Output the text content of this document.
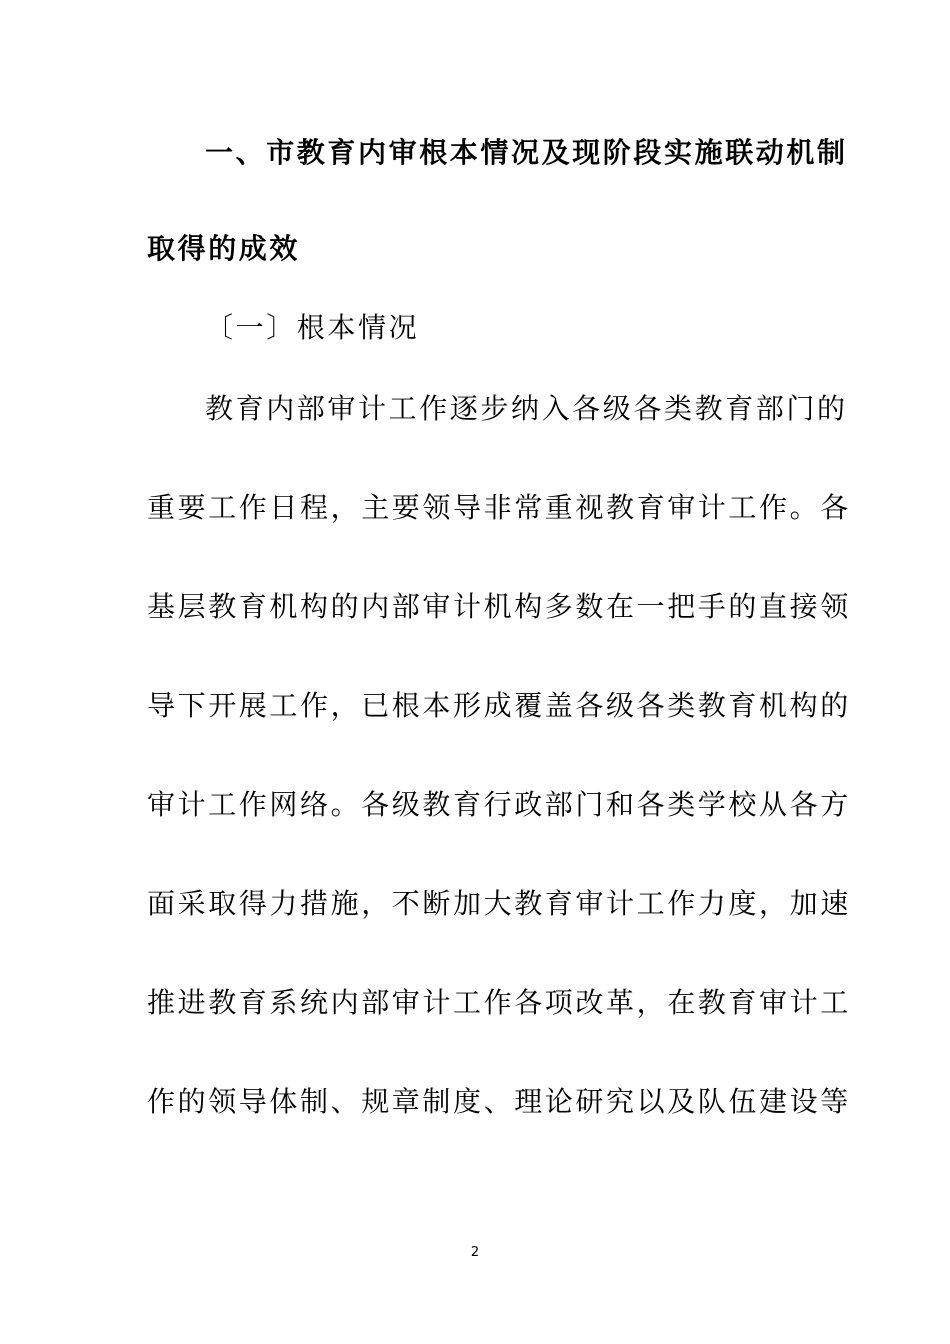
一、市教育内审根本情况及现阶段实施联动机制
取得的成效
〔一〕根本情况
教育内部审计工作逐步纳入各级各类教育部门的
重要工作日程，主要领导非常重视教育审计工作。各
基层教育机构的内部审计机构多数在一把手的直接领
导下开展工作，已根本形成覆盖各级各类教育机构的
审计工作网络。各级教育行政部门和各类学校从各方
面采取得力措施，不断加大教育审计工作力度，加速
推进教育系统内部审计工作各项改革，在教育审计工
作的领导体制、规章制度、理论研究以及队伍建设等
2
